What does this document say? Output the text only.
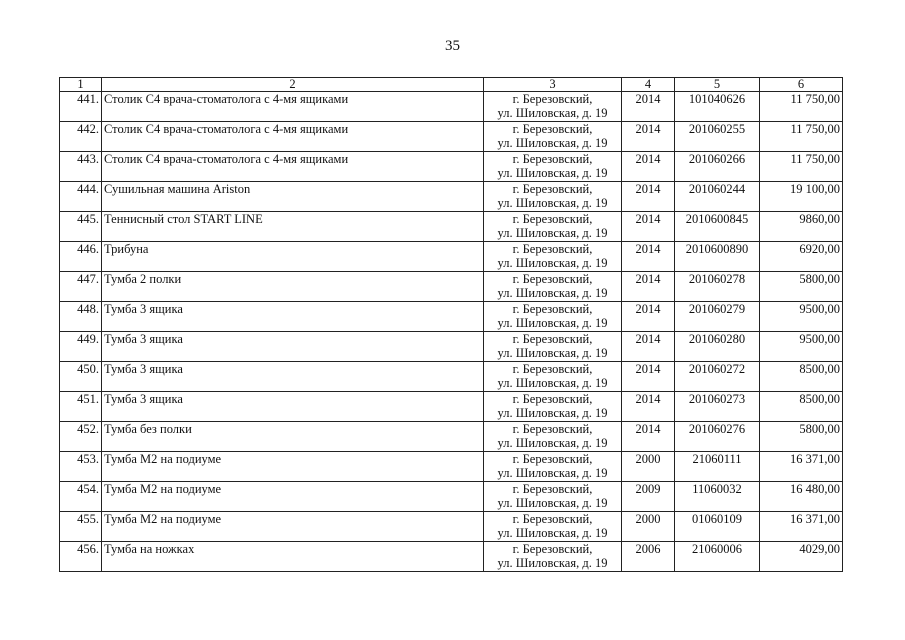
35
1	2	3	4	5	6
441.	Столик С4 врача-стоматолога с 4-мя ящиками	г. Березовский,
ул. Шиловская, д. 19	2014	101040626	11 750,00
442.	Столик С4 врача-стоматолога с 4-мя ящиками	г. Березовский,
ул. Шиловская, д. 19	2014	201060255	11 750,00
443.	Столик С4 врача-стоматолога с 4-мя ящиками	г. Березовский,
ул. Шиловская, д. 19	2014	201060266	11 750,00
444.	Сушильная машина Ariston	г. Березовский,
ул. Шиловская, д. 19	2014	201060244	19 100,00
445.	Теннисный стол START LINE	г. Березовский,
ул. Шиловская, д. 19	2014	2010600845	9860,00
446.	Трибуна	г. Березовский,
ул. Шиловская, д. 19	2014	2010600890	6920,00
447.	Тумба 2 полки	г. Березовский,
ул. Шиловская, д. 19	2014	201060278	5800,00
448.	Тумба 3 ящика	г. Березовский,
ул. Шиловская, д. 19	2014	201060279	9500,00
449.	Тумба 3 ящика	г. Березовский,
ул. Шиловская, д. 19	2014	201060280	9500,00
450.	Тумба 3 ящика	г. Березовский,
ул. Шиловская, д. 19	2014	201060272	8500,00
451.	Тумба 3 ящика	г. Березовский,
ул. Шиловская, д. 19	2014	201060273	8500,00
452.	Тумба без полки	г. Березовский,
ул. Шиловская, д. 19	2014	201060276	5800,00
453.	Тумба М2 на подиуме	г. Березовский,
ул. Шиловская, д. 19	2000	21060111	16 371,00
454.	Тумба М2 на подиуме	г. Березовский,
ул. Шиловская, д. 19	2009	11060032	16 480,00
455.	Тумба М2 на подиуме	г. Березовский,
ул. Шиловская, д. 19	2000	01060109	16 371,00
456.	Тумба на ножках	г. Березовский,
ул. Шиловская, д. 19	2006	21060006	4029,00
